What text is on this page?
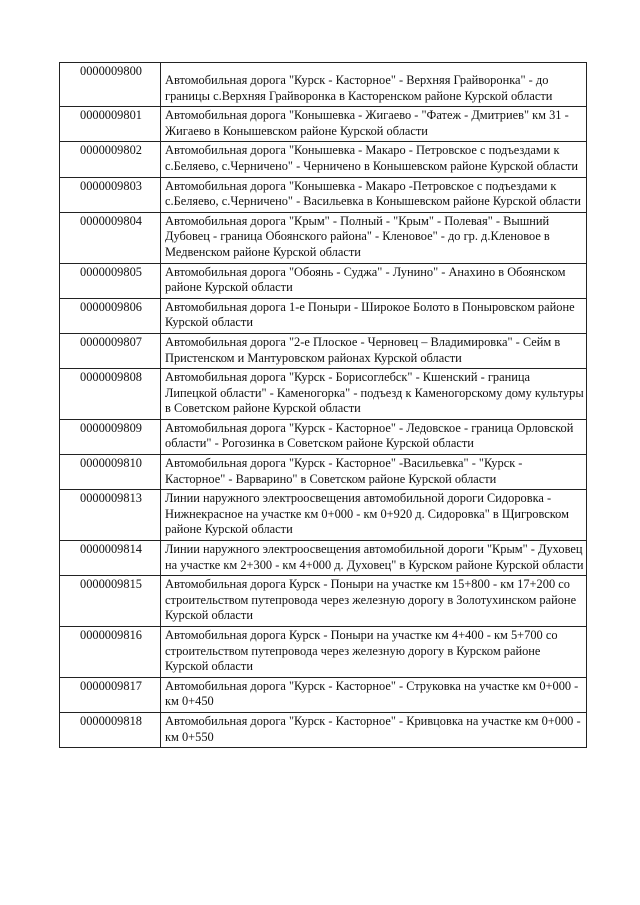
0000009800	Автомобильная дорога "Курск - Касторное" - Верхняя Грайворонка" - до границы с.Верхняя Грайворонка в Касторенском районе Курской области
0000009801	Автомобильная дорога "Конышевка - Жигаево - "Фатеж - Дмитриев" км 31 - Жигаево в Конышевском районе Курской области
0000009802	Автомобильная дорога "Конышевка - Макаро - Петровское с подъездами к с.Беляево, с.Черничено" - Черничено в Конышевском районе Курской области
0000009803	Автомобильная дорога "Конышевка - Макаро -Петровское с подъездами к с.Беляево, с.Черничено" - Васильевка в Конышевском районе Курской области
0000009804	Автомобильная дорога "Крым" - Полный - "Крым" - Полевая" - Вышний Дубовец - граница Обоянского района" - Кленовое" - до гр. д.Кленовое в Медвенском районе Курской области
0000009805	Автомобильная дорога "Обоянь - Суджа" - Лунино" - Анахино в Обоянском районе Курской области
0000009806	Автомобильная дорога 1-е Поныри - Широкое Болото в Поныровском районе Курской области
0000009807	Автомобильная дорога "2-е Плоское - Черновец – Владимировка" - Сейм в Пристенском и Мантуровском районах Курской области
0000009808	Автомобильная дорога "Курск - Борисоглебск" - Кшенский - граница Липецкой области" - Каменогорка" - подъезд к Каменогорскому дому культуры в Советском районе Курской области
0000009809	Автомобильная дорога "Курск - Касторное" - Ледовское - граница Орловской области" - Рогозинка в Советском районе Курской области
0000009810	Автомобильная дорога "Курск - Касторное" -Васильевка" - "Курск - Касторное" - Варварино" в Советском районе Курской области
0000009813	Линии наружного электроосвещения автомобильной дороги Сидоровка - Нижнекрасное на участке км 0+000 - км 0+920 д. Сидоровка" в Щигровском районе Курской области
0000009814	Линии наружного электроосвещения автомобильной дороги "Крым" - Духовец на участке км 2+300 - км 4+000 д. Духовец" в Курском районе Курской области
0000009815	Автомобильная дорога Курск - Поныри на участке км 15+800 - км 17+200 со строительством путепровода через железную дорогу в Золотухинском районе Курской области
0000009816	Автомобильная дорога Курск - Поныри на участке км 4+400 - км 5+700 со строительством путепровода через железную дорогу в Курском районе Курской области
0000009817	Автомобильная дорога "Курск - Касторное" - Струковка на участке км 0+000 - км 0+450
0000009818	Автомобильная дорога "Курск - Касторное" - Кривцовка на участке км 0+000 - км 0+550
